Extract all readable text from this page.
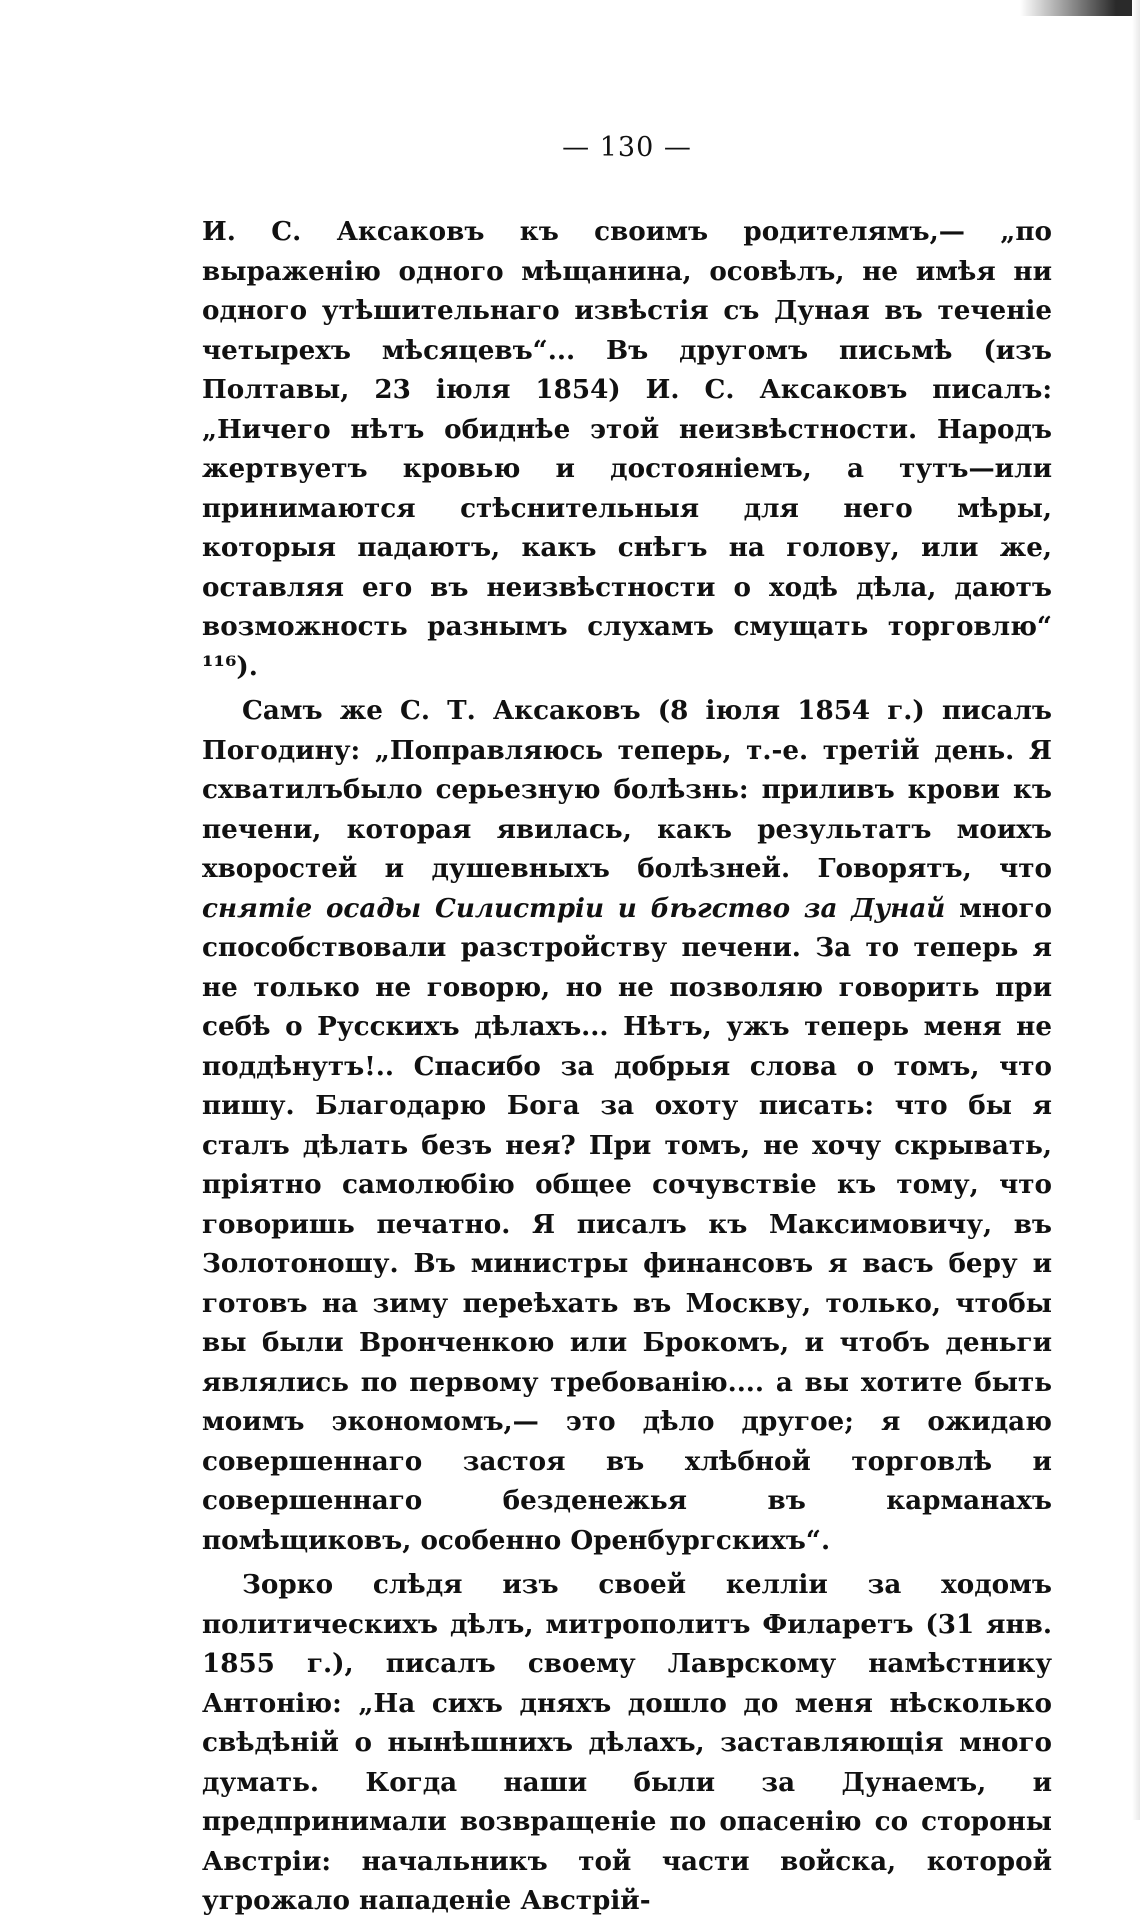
— 130 —

И. С. Аксаковъ къ своимъ родителямъ,— „по выраженію одного мѣщанина, осовѣлъ, не имѣя ни одного утѣшительнаго извѣстія съ Дуная въ теченіе четырехъ мѣсяцевъ“... Въ другомъ письмѣ (изъ Полтавы, 23 іюля 1854) И. С. Аксаковъ писалъ: „Ничего нѣтъ обиднѣе этой неизвѣстности. Народъ жертвуетъ кровью и достояніемъ, а тутъ—или принимаются стѣснительныя для него мѣры, которыя падаютъ, какъ снѣгъ на голову, или же, оставляя его въ неизвѣстности о ходѣ дѣла, даютъ возможность разнымъ слухамъ смущать торговлю“ ¹¹⁶).

Самъ же С. Т. Аксаковъ (8 іюля 1854 г.) писалъ Погодину: „Поправляюсь теперь, т.-е. третій день. Я схватилъбыло серьезную болѣзнь: приливъ крови къ печени, которая явилась, какъ результатъ моихъ хворостей и душевныхъ болѣзней. Говорятъ, что снятіе осады Силистріи и бѣгство за Дунай много способствовали разстройству печени. За то теперь я не только не говорю, но не позволяю говорить при себѣ о Русскихъ дѣлахъ... Нѣтъ, ужъ теперь меня не поддѣнутъ!.. Спасибо за добрыя слова о томъ, что пишу. Благодарю Бога за охоту писать: что бы я сталъ дѣлать безъ нея? При томъ, не хочу скрывать, пріятно самолюбію общее сочувствіе къ тому, что говоришь печатно. Я писалъ къ Максимовичу, въ Золотоношу. Въ министры финансовъ я васъ беру и готовъ на зиму переѣхать въ Москву, только, чтобы вы были Вронченкою или Брокомъ, и чтобъ деньги являлись по первому требованію.... а вы хотите быть моимъ экономомъ,— это дѣло другое; я ожидаю совершеннаго застоя въ хлѣбной торговлѣ и совершеннаго безденежья въ карманахъ помѣщиковъ, особенно Оренбургскихъ“.

Зорко слѣдя изъ своей келліи за ходомъ политическихъ дѣлъ, митрополитъ Филаретъ (31 янв. 1855 г.), писалъ своему Лаврскому намѣстнику Антонію: „На сихъ дняхъ дошло до меня нѣсколько свѣдѣній о нынѣшнихъ дѣлахъ, заставляющія много думать. Когда наши были за Дунаемъ, и предпринимали возвращеніе по опасенію со стороны Австріи: начальникъ той части войска, которой угрожало нападеніе Австрій-
